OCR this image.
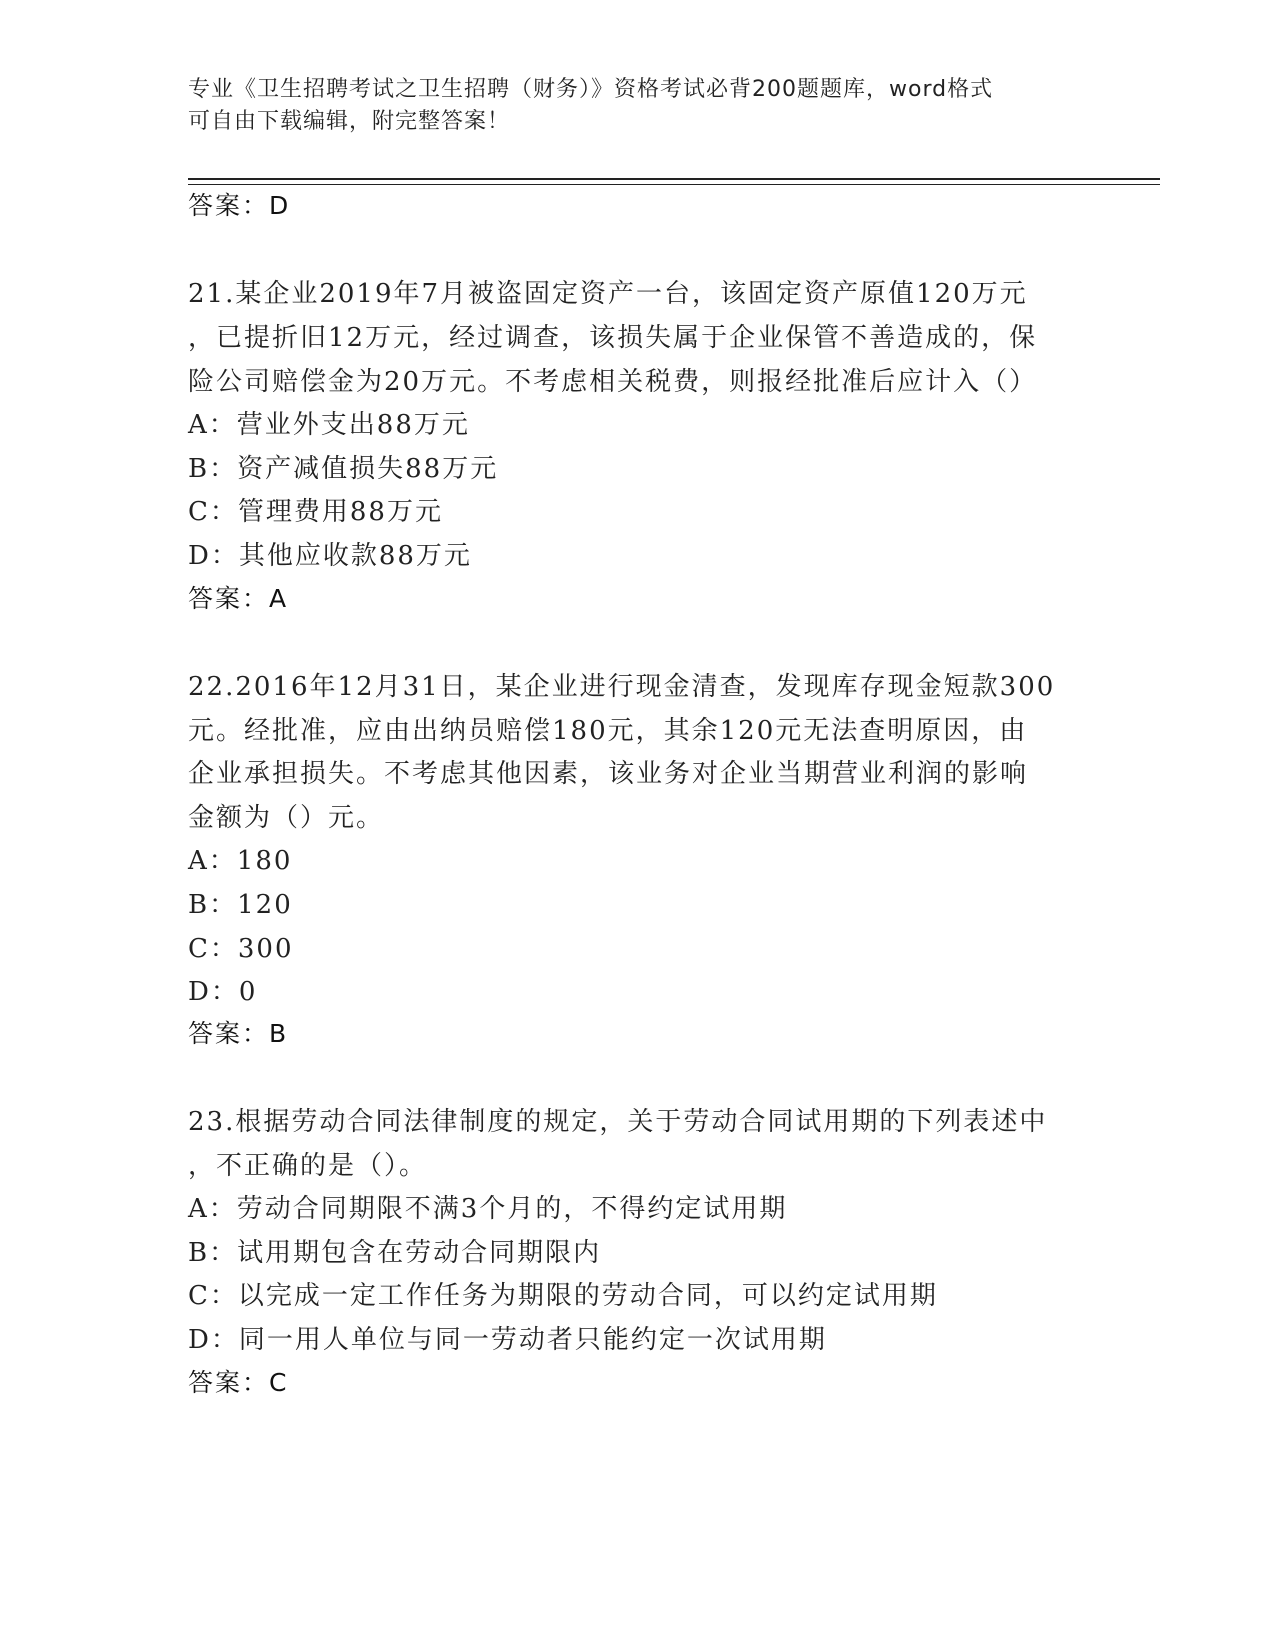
专业《卫生招聘考试之卫生招聘（财务）》资格考试必背200题题库，word格式
可自由下载编辑，附完整答案！
答案：D
21.某企业2019年7月被盗固定资产一台，该固定资产原值120万元
，已提折旧12万元，经过调查，该损失属于企业保管不善造成的，保
险公司赔偿金为20万元。不考虑相关税费，则报经批准后应计入（）
A：营业外支出88万元
B：资产减值损失88万元
C：管理费用88万元
D：其他应收款88万元
答案：A
22.2016年12月31日，某企业进行现金清查，发现库存现金短款300
元。经批准，应由出纳员赔偿180元，其余120元无法查明原因，由
企业承担损失。不考虑其他因素，该业务对企业当期营业利润的影响
金额为（）元。
A：180
B：120
C：300
D：0
答案：B
23.根据劳动合同法律制度的规定，关于劳动合同试用期的下列表述中
，不正确的是（）。
A：劳动合同期限不满3个月的，不得约定试用期
B：试用期包含在劳动合同期限内
C：以完成一定工作任务为期限的劳动合同，可以约定试用期
D：同一用人单位与同一劳动者只能约定一次试用期
答案：C
